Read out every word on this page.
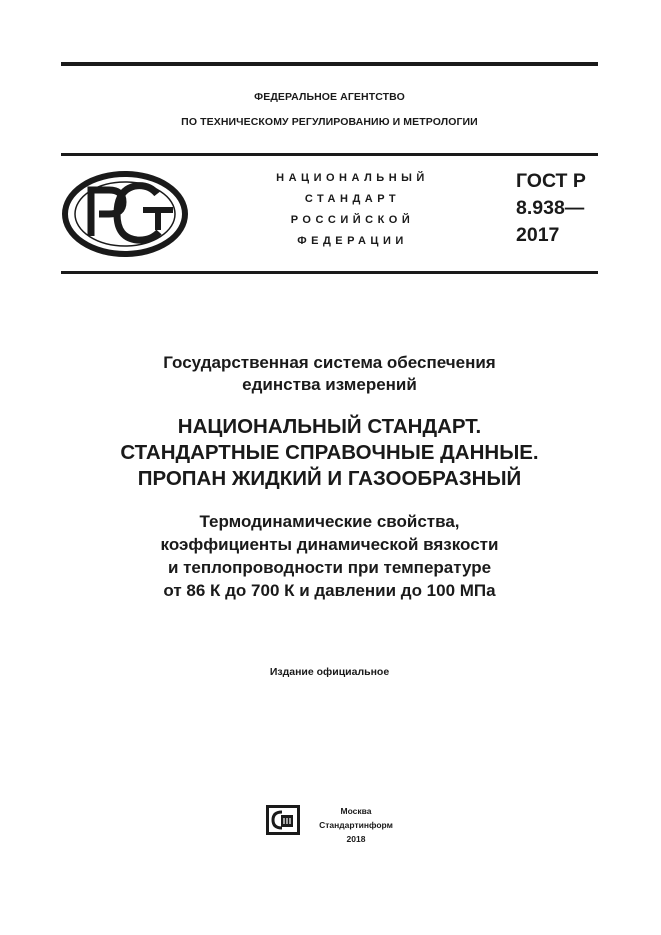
ФЕДЕРАЛЬНОЕ АГЕНТСТВО
ПО ТЕХНИЧЕСКОМУ РЕГУЛИРОВАНИЮ И МЕТРОЛОГИИ
НАЦИОНАЛЬНЫЙ
СТАНДАРТ
РОССИЙСКОЙ
ФЕДЕРАЦИИ
ГОСТ Р
8.938—
2017
Государственная система обеспечения
единства измерений
НАЦИОНАЛЬНЫЙ СТАНДАРТ.
СТАНДАРТНЫЕ СПРАВОЧНЫЕ ДАННЫЕ.
ПРОПАН ЖИДКИЙ И ГАЗООБРАЗНЫЙ
Термодинамические свойства,
коэффициенты динамической вязкости
и теплопроводности при температуре
от 86 К до 700 К и давлении до 100 МПа
Издание официальное
Москва
Стандартинформ
2018
